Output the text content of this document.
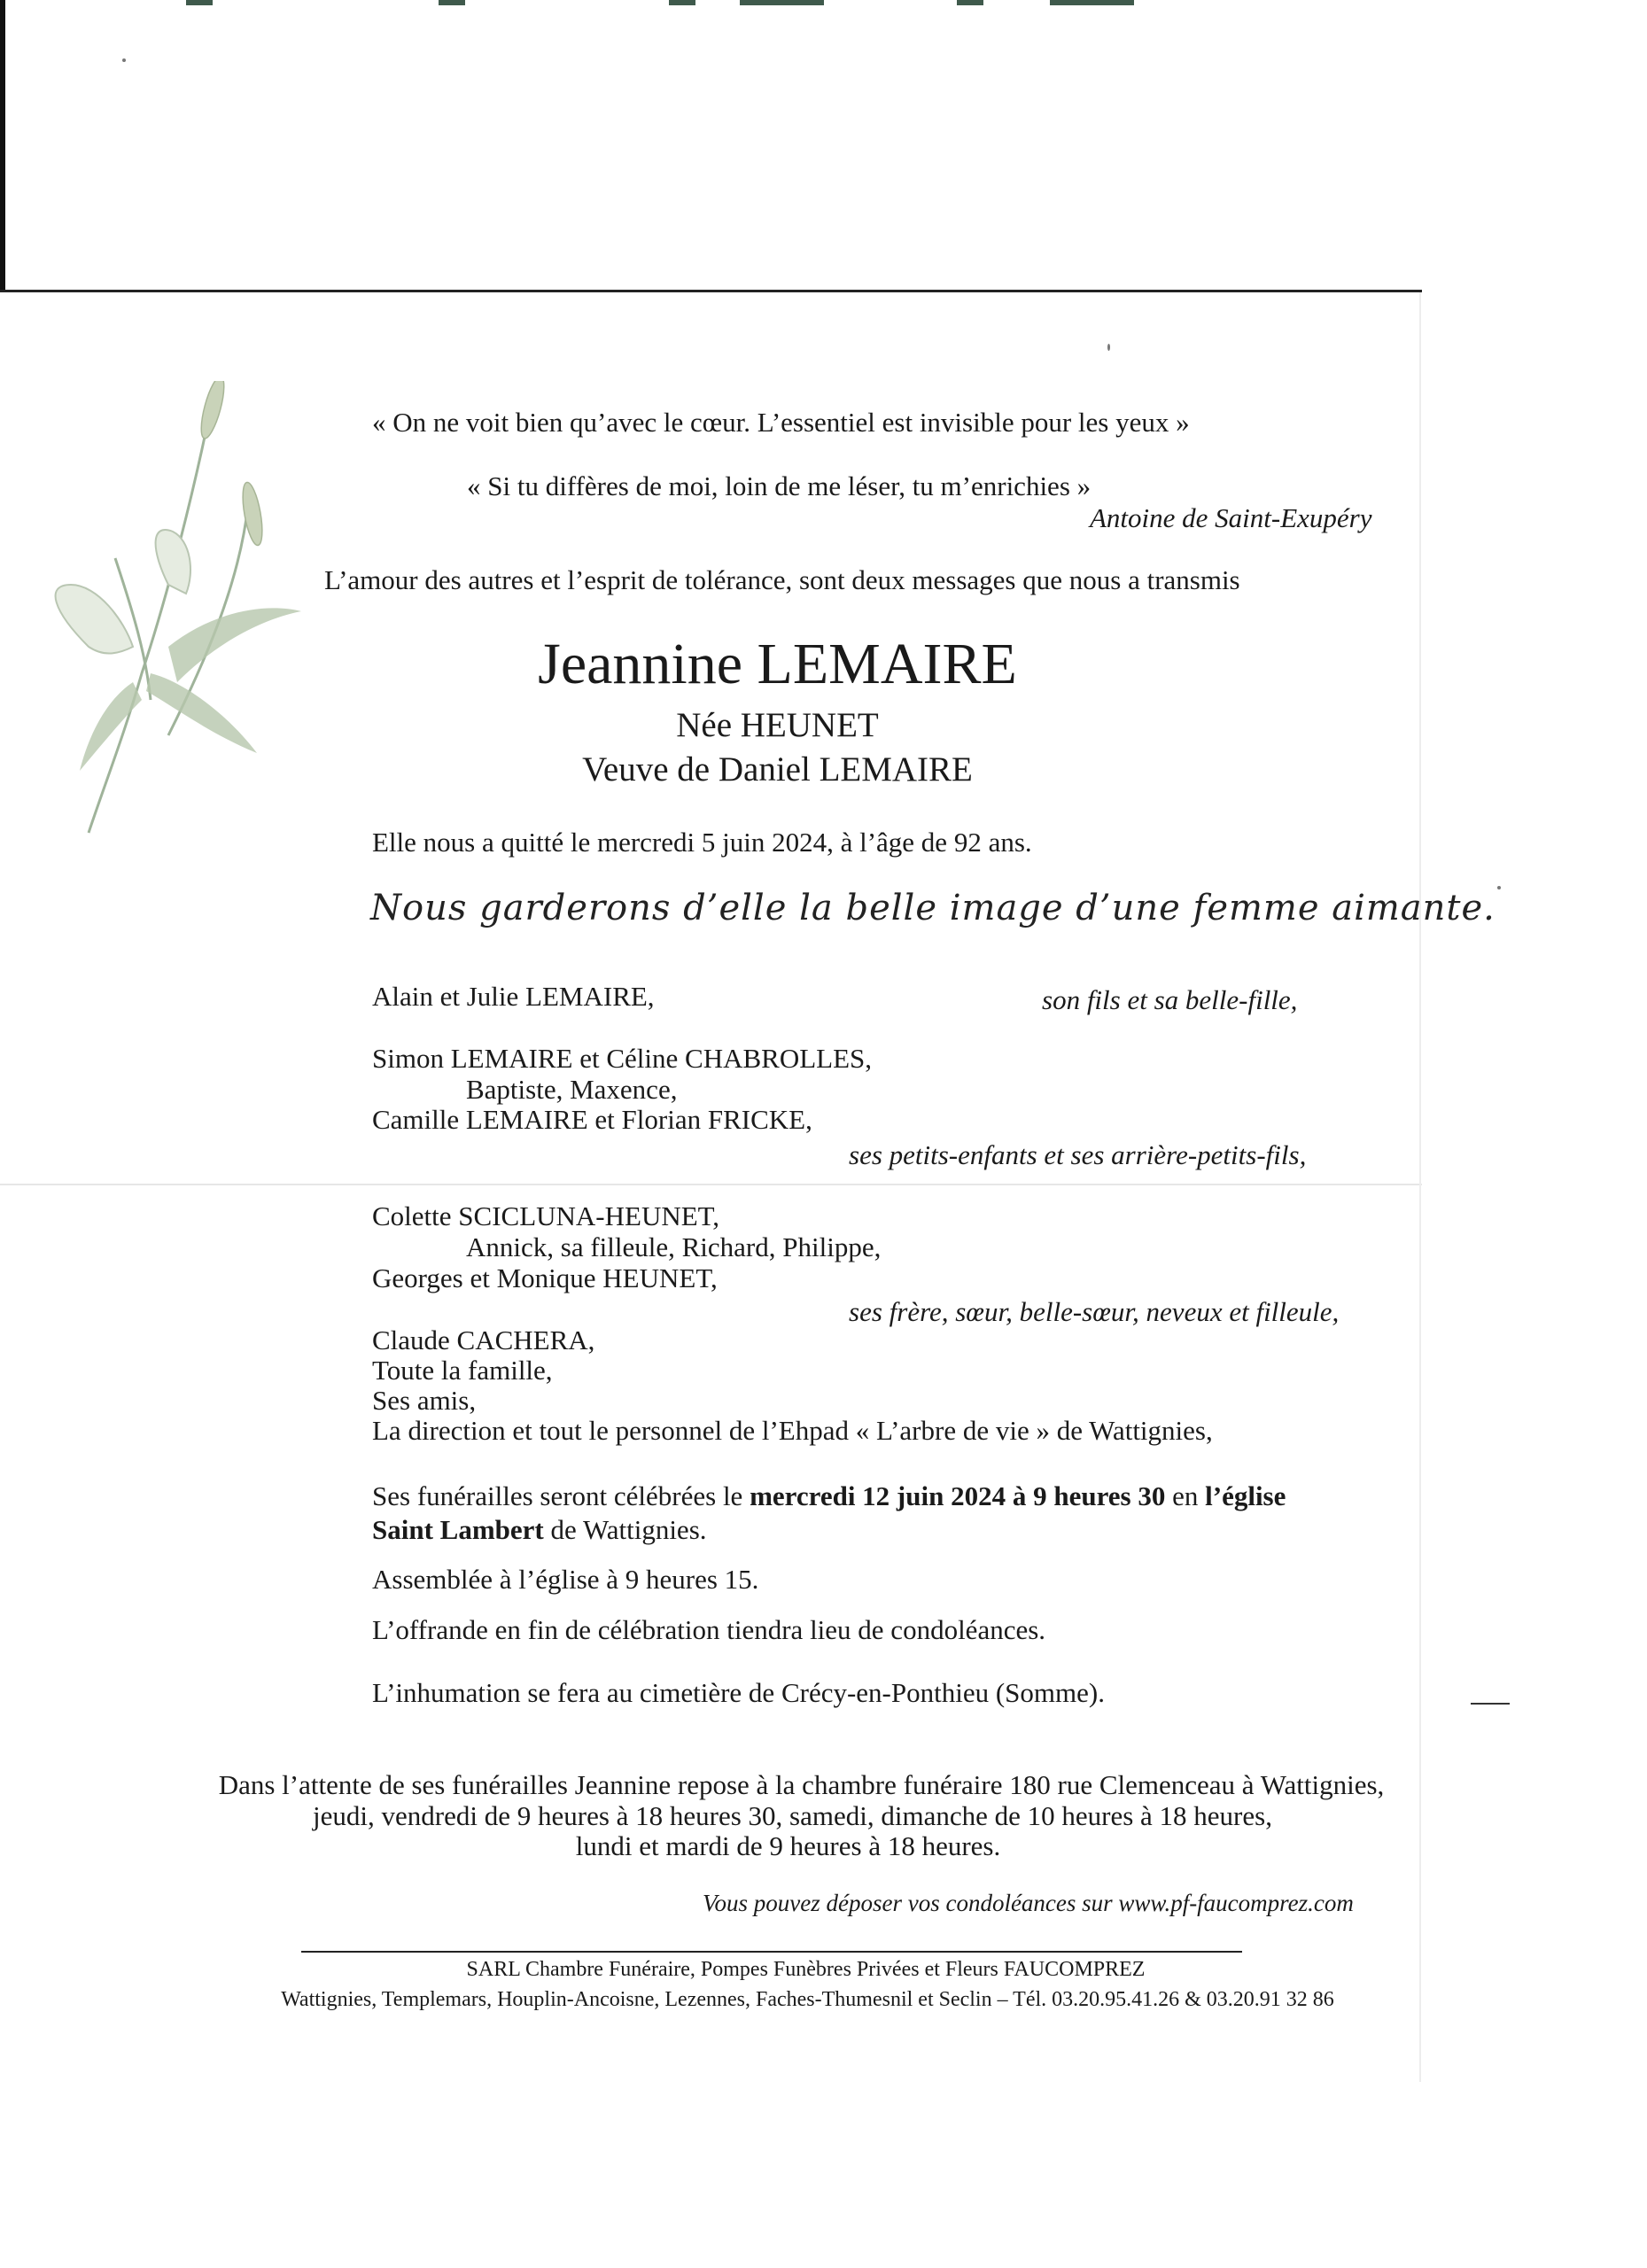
« On ne voit bien qu’avec le cœur. L’essentiel est invisible pour les yeux »
« Si tu diffères de moi, loin de me léser, tu m’enrichies »
Antoine de Saint-Exupéry
L’amour des autres et l’esprit de tolérance, sont deux messages que nous a transmis
Jeannine LEMAIRE
Née HEUNET
Veuve de Daniel LEMAIRE
Elle nous a quitté le mercredi 5 juin 2024, à l’âge de 92 ans.
Nous garderons d’elle la belle image d’une femme aimante.
Alain et Julie LEMAIRE,	son fils et sa belle-fille,
Simon LEMAIRE et Céline CHABROLLES,
Baptiste, Maxence,
Camille LEMAIRE et Florian FRICKE,
ses petits-enfants et ses arrière-petits-fils,
Colette SCICLUNA-HEUNET,
Annick, sa filleule, Richard, Philippe,
Georges et Monique HEUNET,
ses frère, sœur, belle-sœur, neveux et filleule,
Claude CACHERA,
Toute la famille,
Ses amis,
La direction et tout le personnel de l’Ehpad « L’arbre de vie » de Wattignies,
Ses funérailles seront célébrées le mercredi 12 juin 2024 à 9 heures 30 en l’église
Saint Lambert de Wattignies.
Assemblée à l’église à 9 heures 15.
L’offrande en fin de célébration tiendra lieu de condoléances.
L’inhumation se fera au cimetière de Crécy-en-Ponthieu (Somme).
Dans l’attente de ses funérailles Jeannine repose à la chambre funéraire 180 rue Clemenceau à Wattignies,
jeudi, vendredi de 9 heures à 18 heures 30, samedi, dimanche de 10 heures à 18 heures,
lundi et mardi de 9 heures à 18 heures.
Vous pouvez déposer vos condoléances sur www.pf-faucomprez.com
SARL Chambre Funéraire, Pompes Funèbres Privées et Fleurs FAUCOMPREZ
Wattignies, Templemars, Houplin-Ancoisne, Lezennes, Faches-Thumesnil et Seclin – Tél. 03.20.95.41.26 & 03.20.91 32 86
